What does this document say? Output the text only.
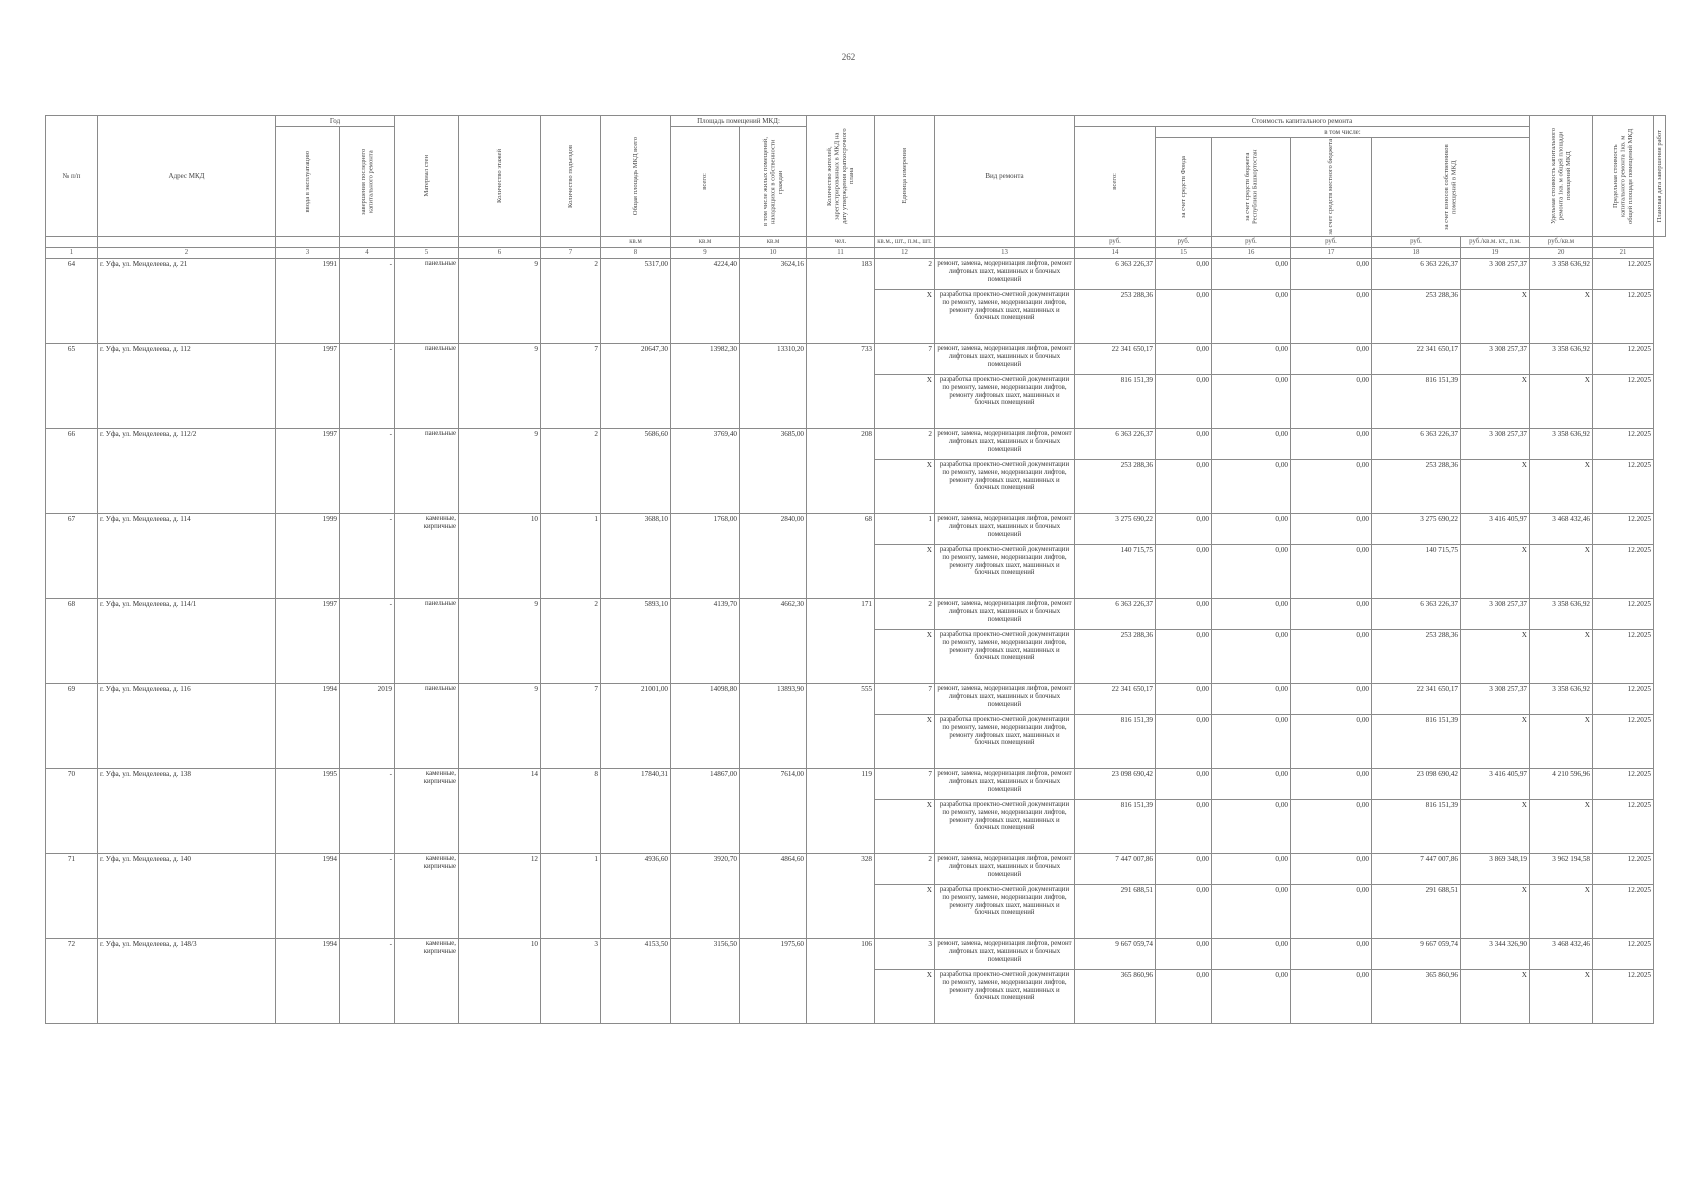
262
№ п/п	Адрес МКД	Год		Материал стен	Количество этажей	Количество подъездов	Общая площадь МКД всего	Площадь помещений МКД:		Количество жителей, зарегистрированных в МКД на дату утверждения краткосрочного плана	Единица измерения	Вид ремонта	Стоимость капитального ремонта						Удельная стоимость капитального ремонта 1кв. м общей площади помещений МКД	Предельная стоимость капитального ремонта 1кв. м общей площади помещений МКД	Плановая дата завершения работ

		ввода в эксплуатацию	завершения последнего капитального ремонта					всего:	в том числе жилых помещений, находящихся в собственности граждан				всего:	в том числе:							

														за счет средств Фонда	за счет средств бюджета Республики Башкортостан	за счет средств местного бюджета	за счет взносов собственников помещений в МКД				

							кв.м	кв.м	кв.м	чел.	кв.м., шт., п.м., шт.		руб.	руб.	руб.	руб.	руб.	руб./кв.м. кт., п.м.	руб./кв.м		
1	2	3	4	5	6	7	8	9	10	11	12	13	14	15	16	17	18	19	20	21	
64	г. Уфа, ул. Менделеева, д. 21	1991	-	панельные	9	2	5317,00	4224,40	3624,16	183	2	ремонт, замена, модернизация лифтов, ремонт лифтовых шахт, машинных и блочных помещений	6 363 226,37	0,00	0,00	0,00	6 363 226,37	3 308 257,37	3 358 636,92	12.2025	
											X	разработка проектно-сметной документации по ремонту, замене, модернизации лифтов, ремонту лифтовых шахт, машинных и блочных помещений	253 288,36	0,00	0,00	0,00	253 288,36	X	X	12.2025	
65	г. Уфа, ул. Менделеева, д. 112	1997	-	панельные	9	7	20647,30	13982,30	13310,20	733	7	ремонт, замена, модернизация лифтов, ремонт лифтовых шахт, машинных и блочных помещений	22 341 650,17	0,00	0,00	0,00	22 341 650,17	3 308 257,37	3 358 636,92	12.2025	
											X	разработка проектно-сметной документации по ремонту, замене, модернизации лифтов, ремонту лифтовых шахт, машинных и блочных помещений	816 151,39	0,00	0,00	0,00	816 151,39	X	X	12.2025	
66	г. Уфа, ул. Менделеева, д. 112/2	1997	-	панельные	9	2	5686,60	3769,40	3685,00	208	2	ремонт, замена, модернизация лифтов, ремонт лифтовых шахт, машинных и блочных помещений	6 363 226,37	0,00	0,00	0,00	6 363 226,37	3 308 257,37	3 358 636,92	12.2025	
											X	разработка проектно-сметной документации по ремонту, замене, модернизации лифтов, ремонту лифтовых шахт, машинных и блочных помещений	253 288,36	0,00	0,00	0,00	253 288,36	X	X	12.2025	
67	г. Уфа, ул. Менделеева, д. 114	1999	-	каменные, кирпичные	10	1	3688,10	1768,00	2840,00	68	1	ремонт, замена, модернизация лифтов, ремонт лифтовых шахт, машинных и блочных помещений	3 275 690,22	0,00	0,00	0,00	3 275 690,22	3 416 405,97	3 468 432,46	12.2025	
											X	разработка проектно-сметной документации по ремонту, замене, модернизации лифтов, ремонту лифтовых шахт, машинных и блочных помещений	140 715,75	0,00	0,00	0,00	140 715,75	X	X	12.2025	
68	г. Уфа, ул. Менделеева, д. 114/1	1997	-	панельные	9	2	5893,10	4139,70	4662,30	171	2	ремонт, замена, модернизация лифтов, ремонт лифтовых шахт, машинных и блочных помещений	6 363 226,37	0,00	0,00	0,00	6 363 226,37	3 308 257,37	3 358 636,92	12.2025	
											X	разработка проектно-сметной документации по ремонту, замене, модернизации лифтов, ремонту лифтовых шахт, машинных и блочных помещений	253 288,36	0,00	0,00	0,00	253 288,36	X	X	12.2025	
69	г. Уфа, ул. Менделеева, д. 116	1994	2019	панельные	9	7	21001,00	14098,80	13893,90	555	7	ремонт, замена, модернизация лифтов, ремонт лифтовых шахт, машинных и блочных помещений	22 341 650,17	0,00	0,00	0,00	22 341 650,17	3 308 257,37	3 358 636,92	12.2025	
											X	разработка проектно-сметной документации по ремонту, замене, модернизации лифтов, ремонту лифтовых шахт, машинных и блочных помещений	816 151,39	0,00	0,00	0,00	816 151,39	X	X	12.2025	
70	г. Уфа, ул. Менделеева, д. 138	1995	-	каменные, кирпичные	14	8	17840,31	14867,00	7614,00	119	7	ремонт, замена, модернизация лифтов, ремонт лифтовых шахт, машинных и блочных помещений	23 098 690,42	0,00	0,00	0,00	23 098 690,42	3 416 405,97	4 210 596,96	12.2025	
											X	разработка проектно-сметной документации по ремонту, замене, модернизации лифтов, ремонту лифтовых шахт, машинных и блочных помещений	816 151,39	0,00	0,00	0,00	816 151,39	X	X	12.2025	
71	г. Уфа, ул. Менделеева, д. 140	1994	-	каменные, кирпичные	12	1	4936,60	3920,70	4864,60	328	2	ремонт, замена, модернизация лифтов, ремонт лифтовых шахт, машинных и блочных помещений	7 447 007,86	0,00	0,00	0,00	7 447 007,86	3 869 348,19	3 962 194,58	12.2025	
											X	разработка проектно-сметной документации по ремонту, замене, модернизации лифтов, ремонту лифтовых шахт, машинных и блочных помещений	291 688,51	0,00	0,00	0,00	291 688,51	X	X	12.2025	
72	г. Уфа, ул. Менделеева, д. 148/3	1994	-	каменные, кирпичные	10	3	4153,50	3156,50	1975,60	106	3	ремонт, замена, модернизация лифтов, ремонт лифтовых шахт, машинных и блочных помещений	9 667 059,74	0,00	0,00	0,00	9 667 059,74	3 344 326,90	3 468 432,46	12.2025	
											X	разработка проектно-сметной документации по ремонту, замене, модернизации лифтов, ремонту лифтовых шахт, машинных и блочных помещений	365 860,96	0,00	0,00	0,00	365 860,96	X	X	12.2025	
